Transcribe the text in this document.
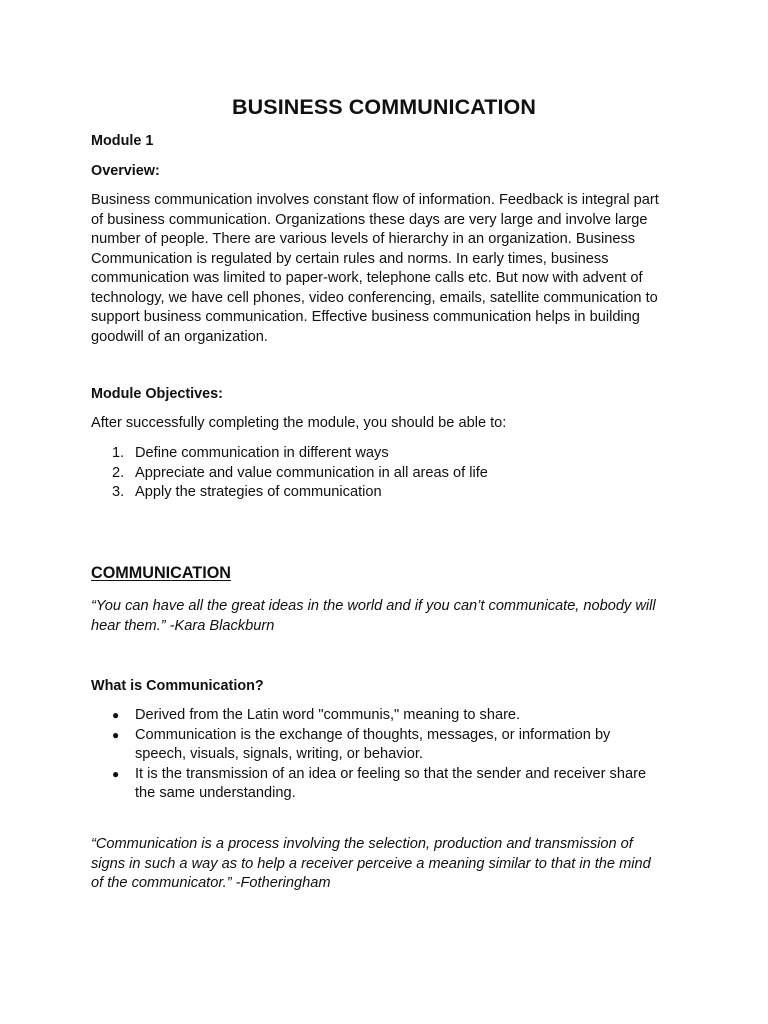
BUSINESS COMMUNICATION
Module 1
Overview:
Business communication involves constant flow of information. Feedback is integral part
of business communication. Organizations these days are very large and involve large
number of people. There are various levels of hierarchy in an organization. Business
Communication is regulated by certain rules and norms. In early times, business
communication was limited to paper-work, telephone calls etc. But now with advent of
technology, we have cell phones, video conferencing, emails, satellite communication to
support business communication. Effective business communication helps in building
goodwill of an organization.
Module Objectives:
After successfully completing the module, you should be able to:
1. Define communication in different ways
2. Appreciate and value communication in all areas of life
3. Apply the strategies of communication
COMMUNICATION
“You can have all the great ideas in the world and if you can’t communicate, nobody will
hear them.” -Kara Blackburn
What is Communication?
● Derived from the Latin word "communis," meaning to share.
● Communication is the exchange of thoughts, messages, or information by
speech, visuals, signals, writing, or behavior.
● It is the transmission of an idea or feeling so that the sender and receiver share
the same understanding.
“Communication is a process involving the selection, production and transmission of
signs in such a way as to help a receiver perceive a meaning similar to that in the mind
of the communicator.” -Fotheringham
